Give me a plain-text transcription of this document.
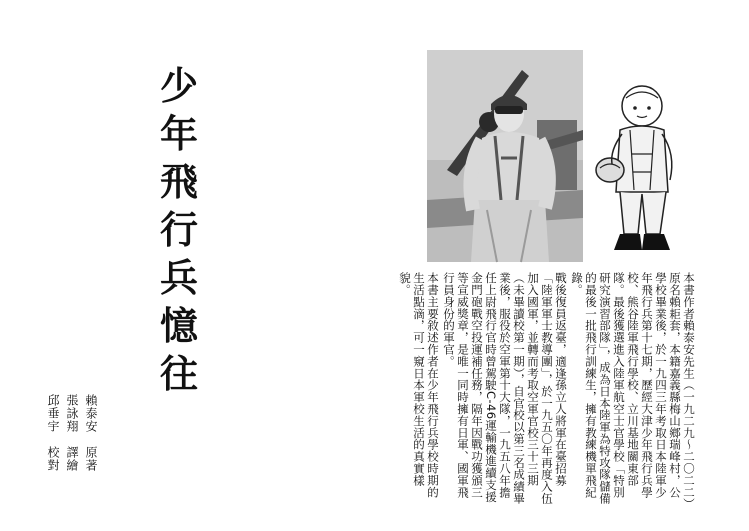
少
年
飛
行
兵
憶
往
賴泰安　原著
張詠翔　譯繪
邱垂宇　校對	本書作者賴泰安先生（一九二九～二〇二二）原名賴耟套，本籍嘉義縣梅山鄉瑞峰村，公學校畢業後，於一九四三年考取日本陸軍少年飛行兵第十七期，歷經大津少年飛行兵學校、熊谷陸軍飛行學校、立川基地關東部隊。最後獲選進入陸軍航空士官學校「特別研究演習部隊」，成為日本陸軍為特攻隊儲備的最後一批飛行訓練生，擁有教練機單飛紀錄。

戰後復員返臺，適逢孫立人將軍在臺招募「陸軍軍士教導團」，於一九五〇年再度入伍加入國軍，並轉而考取空軍官校三十三期（未畢讀校第一期），自官校以第三名成績畢業後，服役於空軍第十大隊，一九五八年擔任上尉飛行官時曾駕駛C-46運輸機進續支援金門砲戰空投運補任務，隔年因戰功獲頒三等宣威獎章，是唯一同時擁有日軍、國軍飛行員身份的軍官。

本書主要敘述作者在少年飛行兵學校時期的生活點滴，可一窺日本軍校生活的真實樣貌。
